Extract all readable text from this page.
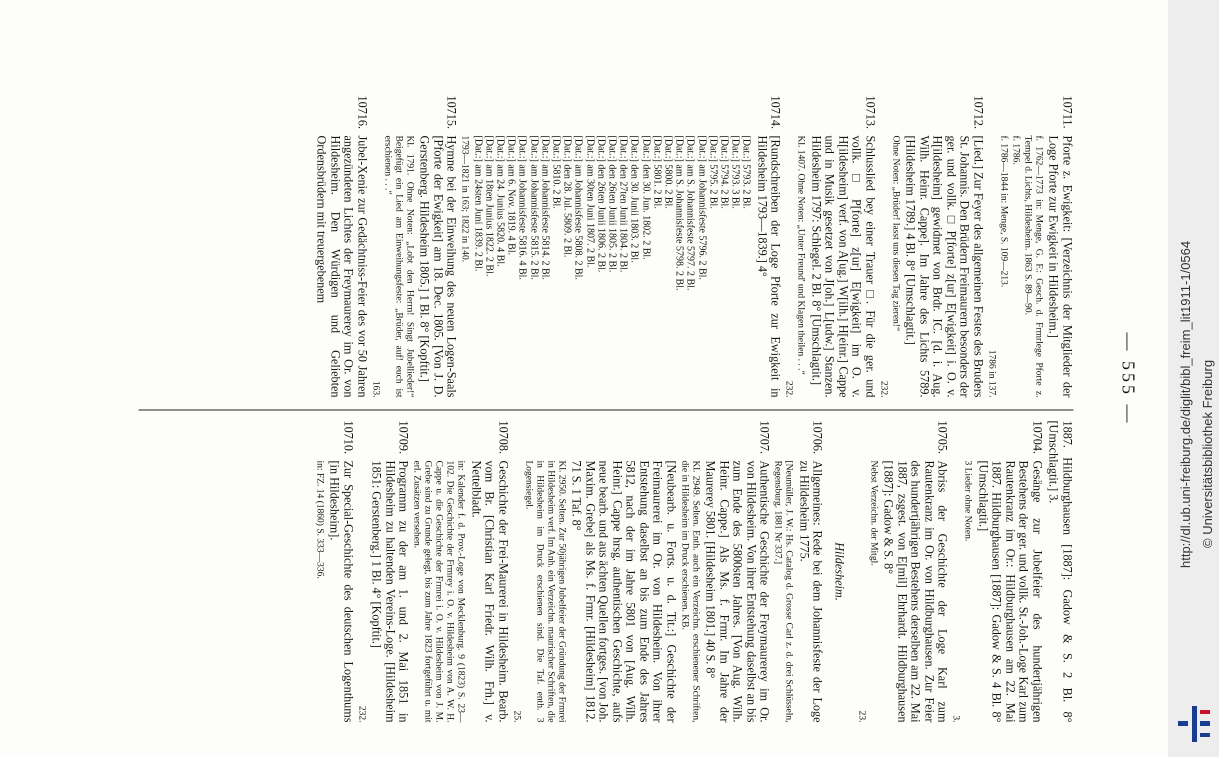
— 555 —

1887. Hildburghausen [1887]: Gadow & S. 2 Bl. 8° [Umschlagtit.] 3.

10704.Gesänge zur Jubelfeier des hundertjährigen Bestehens der ger. und vollk. St.-Joh.-Loge Karl zum Rautenkranz im Or.: Hildburghausen am 22. Mai 1887. Hildburghausen [1887]: Gadow & S. 4 Bl. 8° [Umschlagtit.]

3 Lieder ohne Noten.

3.

10705.Abriss der Geschichte der Loge Karl zum Rautenkranz im Or. von Hildburghausen. Zur Feier des hundertjährigen Bestehens derselben am 22. Mai 1887, zsgest. von E[mil] Ehrhardt. Hildburghausen [1887]: Gadow & S. 8°

Nebst Verzeichn. der Mitgl.

23.

Hildesheim.

10706.Allgemeines: Rede bei dem Johannisfeste der Loge zu Hildesheim 1775.

[Neumüller, J. W.: Hs. Catalog d. Grosse Carl z. d. drei Schlüsseln, Regensburg. 1881 Nr 337.]

10707.Authentische Geschichte der Freymaurerey im Or. von Hildesheim. Von ihrer Entstehung daselbst an bis zum Ende des 5800sten Jahres. [Von Aug. Wilh. Heinr. Cappe.] Als Ms. f. Frmr. Im Jahre der Maurerey 5801. [Hildesheim 1801.] 40 S. 8°

Kl. 2949. Selten. Enth. auch ein Verzeichn. erschienener Schriften, die in Hildesheim im Druck erschienen. KB.

[Neubearb. u. Forts. u. d. Tit.:] Geschichte der Freimaurerei im Or. von Hildesheim. Von ihrer Entstehung daselbst an bis zum Ende des Jahres 5812, nach der im Jahre 5801 von [Aug. Wilh. Heinr.] Cappe hrsg. authentischen Geschichte, aufs neue bearb. und aus ächten Quellen fortges. [von Joh. Maxim. Grebe] als Ms. f. Frmr. [Hildesheim] 1812. 71 S. 1 Taf. 8°

Kl. 2950. Selten. Zur 50jährigen Jubelfeier der Gründung der Frmrei in Hildesheim verf. Im Anh. ein Verzeichn. maurischer Schriften, die in Hildesheim im Druck erschienen sind. Die Taf. enth. 3 Logensiegel.

25.

10708.Geschichte der Frei-Maurerei in Hildesheim. Bearb. vom Br. [Christian Karl Friedr. Wilh. Frh.] v. Nettelbladt.

in: Kalender f. d. Prov.-Loge von Mecklenburg. 9 (1823) S. 23—102. Die Geschichte der Frmrey i. O. v. Hildesheim von A. W. H. Cappe u. die Geschichte der Frmrei i. O. v. Hildesheim von J. M. Grebe sind zu Grunde gelegt, bis zum Jahre 1823 fortgeführt u. mit erl. Zusätzen versehen.

10709.Programm zu der am 1. und 2. Mai 1851 in Hildesheim zu haltenden Vereins-Loge. [Hildesheim 1851: Gerstenberg.] 1 Bl. 4° [Kopftit.]

232.

10710.Zur Special-Geschichte des deutschen Logenthums [in Hildesheim].

in: FZ. 14 (1860) S. 333—336.

10711.Pforte z. Ewigkeit: [Verzeichnis der Mitglieder der Loge Pforte zur Ewigkeit in Hildesheim.]

f. 1762—1773 in: Menge, G. F.: Gesch. d. Frmrlege Pforte z. Tempel d. Lichts, Hildesheim. 1863 S. 89—90.

f. 1786.

f. 1786—1844 in: Menge, S. 109—213.

1786 in 137.

10712.[Lied.] Zur Feyer des allgemeinen Festes des Bruders St. Johannis. Den Brüdern Freimaurern besonders der ger. und vollk. □ P[forte] z[ur] E[wigkeit] i. O. v. H[ildesheim] gewidmet von Brdr. IC. [d. i. Aug. Wilh. Heinr. Cappe]. Im Jahre des Lichts 5789. [Hildesheim 1789.] 4 Bl. 8° [Umschlagtit.]

Ohne Noten: „Brüder! lasst uns diesen Tag zieren!“

232.

10713.Schlusslied bey einer Trauer □. Für die ger. und vollk. □ P[forte] z[ur] E[wigkeit] im O. v. H[ildesheim] verf. von A[ug.] W[ilh.] H[einr.] Cappe und in Musik gesetzet von J[oh.] L[udw.] Stanzen. Hildesheim 1797: Schlegel. 2 Bl. 8° [Umschlagtit.]

Kl. 1407. Ohne Noten: „Unter Freund' und Klagen theilen . . .“

232.

10714.[Rundschreiben der Loge Pforte zur Ewigkeit in Hildesheim 1793—1839.] 4°

[Dat.:] 5793. 2 Bl.
[Dat.:] 5793. 3 Bl.
[Dat.:] 5794. 2 Bl.
[Dat.:] 5795. 2 Bl.
[Dat.:] am Johannisfeste 5796. 2 Bl.
[Dat.:] am S. Johannisfeste 5797. 2 Bl.
[Dat.:] am S. Johannisfeste 5798. 2 Bl.
[Dat.:] 5800. 2 Bl.
[Dat.:] 5801. 2 Bl.
[Dat.:] den 30. Jun. 1802. 2 Bl.
[Dat.:] den 30. Junii 1803. 2 Bl.
[Dat.:] den 27ten Junii 1804. 2 Bl.
[Dat.:] den 26ten Junii 1805. 2 Bl.
[Dat.:] den 26ten Junii 1806. 2 Bl.
[Dat.:] am 30ten Juni 1807. 2 Bl.
[Dat.:] am Johannisfeste 5808. 2 Bl.
[Dat.:] den 28. Jul. 5809. 2 Bl.
[Dat.:] 5810. 2 Bl.
[Dat.:] am Johannisfeste 5814. 2 Bl.
[Dat.:] am Johannisfeste 5815. 2 Bl.
[Dat.:] am Johannisfeste 5816. 4 Bl.
[Dat.:] am 6. Nov. 1819. 4 Bl.
[Dat.:] am 24. Junius 5820. 4 Bl.
[Dat.:] am 18ten Junius 1822. 2 Bl.
[Dat.:] am 24sten Juni 1839. 2 Bl.

1793—1821 in 163; 1822 in 140.

10715.Hymne bei der Einweihung des neuen Logen-Saals [Pforte der Ewigkeit] am 18. Dec. 1805. [Von J. D. Gerstenberg. Hildesheim 1805.] 1 Bl. 8° [Kopftit.]

Kl. 1791. Ohne Noten: „Lobt den Herrn! Singt Jubellieder!“ Beigefügt ein Lied am Einweihungsfeste: „Brüder, auf! euch ist erschienen . . .“

163.

10716.Jubel-Xenie zur Gedächtniss-Feier des vor 50 Jahren angezündeten Lichtes der Freymaurerey im Or. von Hildesheim. Den Würdigen und Geliebten Ordensbrüdern mit treuergebenem

http://dl.ub.uni-freiburg.de/diglit/bibl_freim_lit1911-1/0564 © Universitätsbibliothek Freiburg
